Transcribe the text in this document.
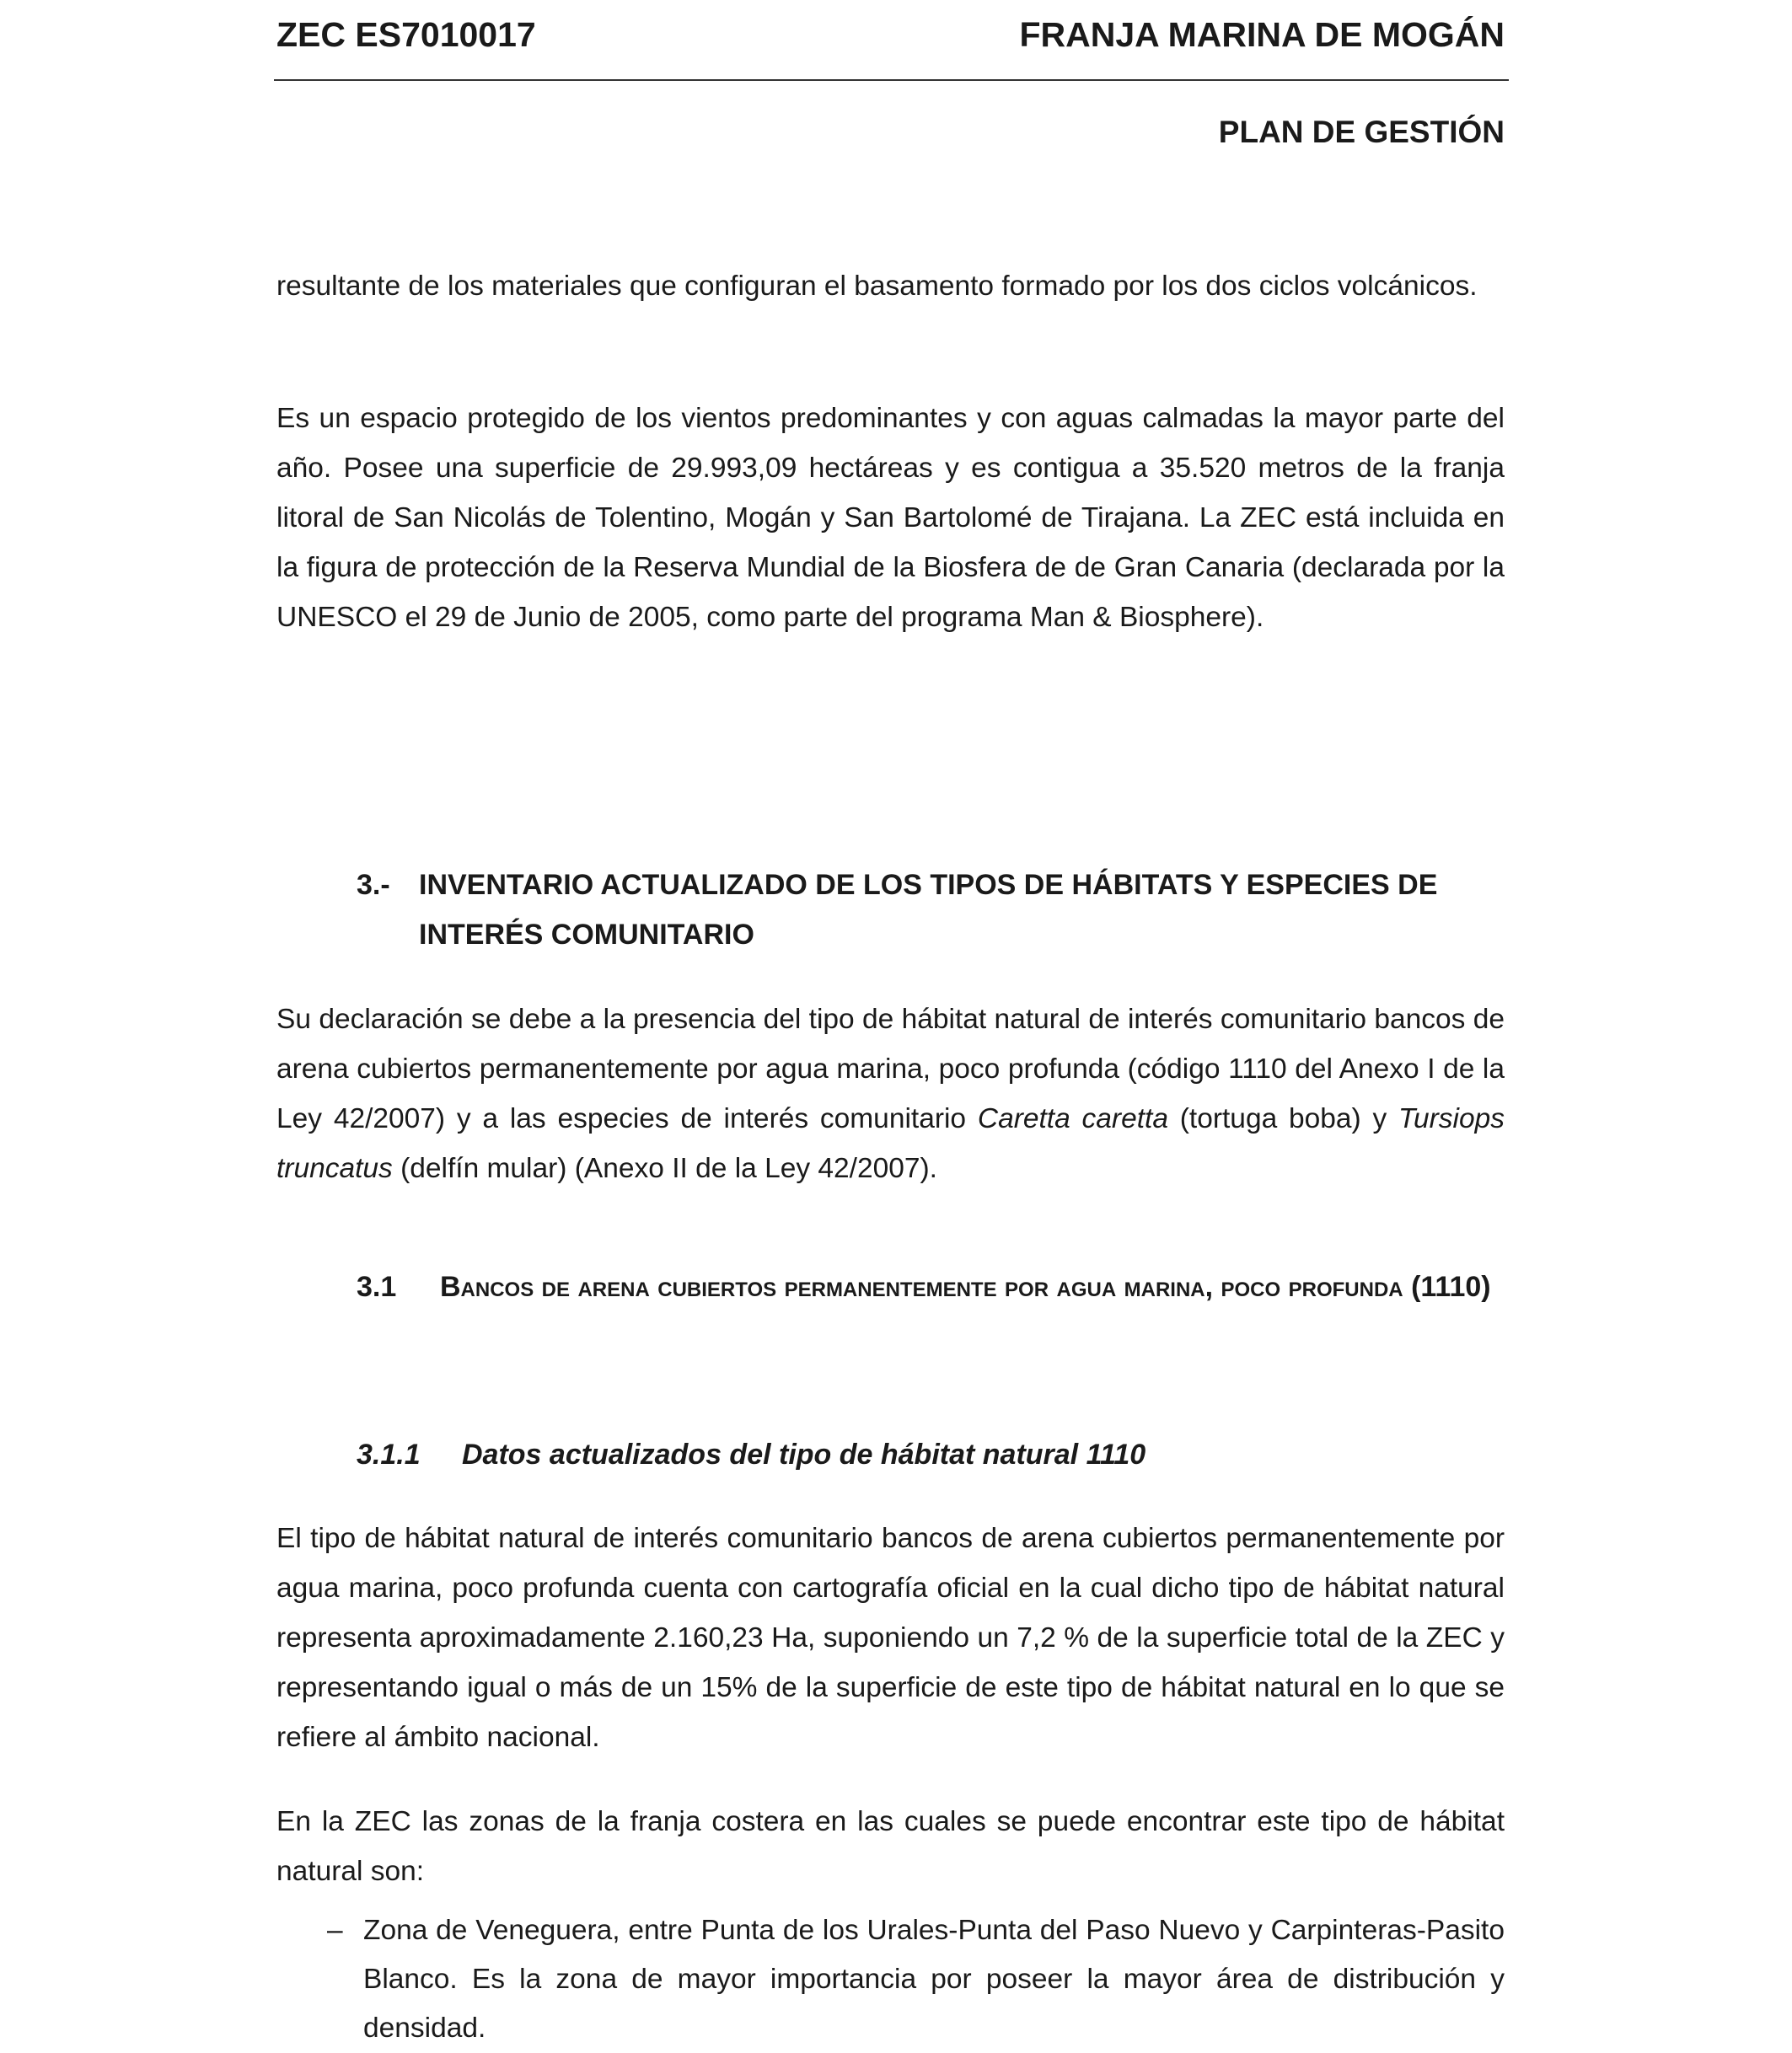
ZEC ES7010017	FRANJA MARINA DE MOGÁN
PLAN DE GESTIÓN

resultante de los materiales que configuran el basamento formado por los dos ciclos volcánicos.

Es un espacio protegido de los vientos predominantes y con aguas calmadas la mayor parte del año. Posee una superficie de 29.993,09 hectáreas y es contigua a 35.520 metros de la franja litoral de San Nicolás de Tolentino, Mogán y San Bartolomé de Tirajana. La ZEC está incluida en la figura de protección de la Reserva Mundial de la Biosfera de de Gran Canaria (declarada por la UNESCO el 29 de Junio de 2005, como parte del programa Man & Biosphere).

3.- INVENTARIO ACTUALIZADO DE LOS TIPOS DE HÁBITATS Y ESPECIES DE INTERÉS COMUNITARIO

Su declaración se debe a la presencia del tipo de hábitat natural de interés comunitario bancos de arena cubiertos permanentemente por agua marina, poco profunda (código 1110 del Anexo I de la Ley 42/2007) y a las especies de interés comunitario Caretta caretta (tortuga boba) y Tursiops truncatus (delfín mular) (Anexo II de la Ley 42/2007).

3.1 Bancos de arena cubiertos permanentemente por agua marina, poco profunda (1110)
3.1.1 Datos actualizados del tipo de hábitat natural 1110

El tipo de hábitat natural de interés comunitario bancos de arena cubiertos permanentemente por agua marina, poco profunda cuenta con cartografía oficial en la cual dicho tipo de hábitat natural representa aproximadamente 2.160,23 Ha, suponiendo un 7,2 % de la superficie total de la ZEC y representando igual o más de un 15% de la superficie de este tipo de hábitat natural en lo que se refiere al ámbito nacional.

En la ZEC las zonas de la franja costera en las cuales se puede encontrar este tipo de hábitat natural son:

– Zona de Veneguera, entre Punta de los Urales-Punta del Paso Nuevo y Carpinteras-Pasito Blanco. Es la zona de mayor importancia por poseer la mayor área de distribución y densidad.
